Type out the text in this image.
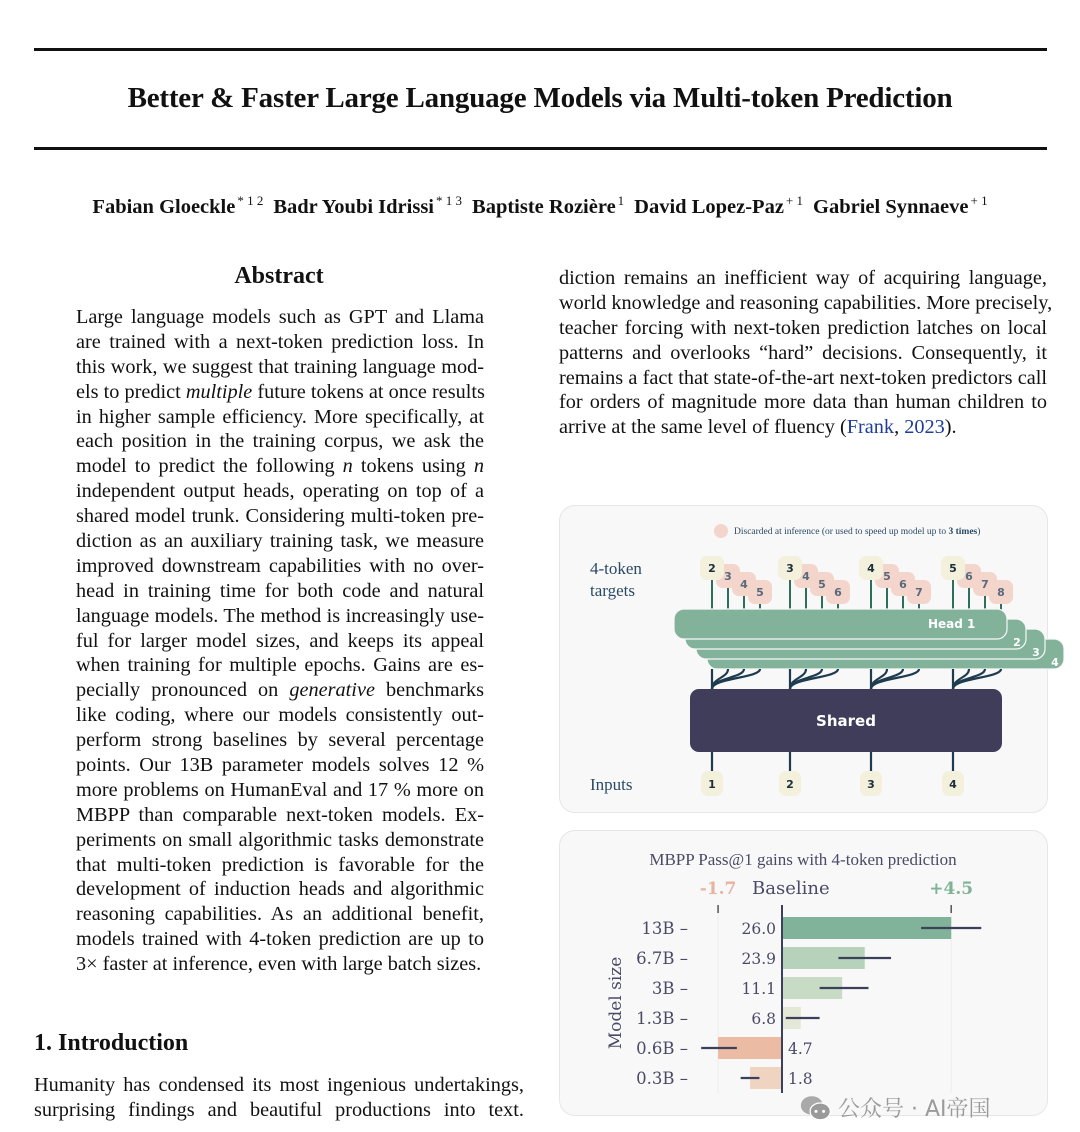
Better & Faster Large Language Models via Multi-token Prediction
Fabian Gloeckle $^{* 1 2}$ Badr Youbi Idrissi $^{* 1 3}$ Baptiste Rozière $^1$ David Lopez-Paz $^{+ 1}$ Gabriel Synnaeve $^{+ 1}$
Abstract
Large language models such as GPT and Llama
are trained with a next-token prediction loss. In
this work, we suggest that training language mod-
els to predict multiple future tokens at once results
in higher sample efficiency. More specifically, at
each position in the training corpus, we ask the
model to predict the following n tokens using n
independent output heads, operating on top of a
shared model trunk. Considering multi-token pre-
diction as an auxiliary training task, we measure
improved downstream capabilities with no over-
head in training time for both code and natural
language models. The method is increasingly use-
ful for larger model sizes, and keeps its appeal
when training for multiple epochs. Gains are es-
pecially pronounced on generative benchmarks
like coding, where our models consistently out-
perform strong baselines by several percentage
points. Our 13B parameter models solves 12 %
more problems on HumanEval and 17 % more on
MBPP than comparable next-token models. Ex-
periments on small algorithmic tasks demonstrate
that multi-token prediction is favorable for the
development of induction heads and algorithmic
reasoning capabilities. As an additional benefit,
models trained with 4-token prediction are up to
3× faster at inference, even with large batch sizes.
1. Introduction
Humanity has condensed its most ingenious undertakings,
surprising findings and beautiful productions into text.
diction remains an inefficient way of acquiring language,
world knowledge and reasoning capabilities. More precisely,
teacher forcing with next-token prediction latches on local
patterns and overlooks “hard” decisions. Consequently, it
remains a fact that state-of-the-art next-token predictors call
for orders of magnitude more data than human children to
arrive at the same level of fluency (Frank, 2023).
Discarded at inference (or used to speed up model up to 3 times)
4-token
targets
Inputs
2
3
4
Head 1
5
4
3
2
6
5
4
3
7
6
5
4
8
7
6
5
Shared
1	2	3	4
MBPP Pass@1 gains with 4-token prediction
-1.7 Baseline	+4.5
Model size
13B –	26.0
6.7B –	23.9
3B –	11.1
1.3B –	6.8
0.6B –	4.7
0.3B –	1.8
公众号 · AI帝国
